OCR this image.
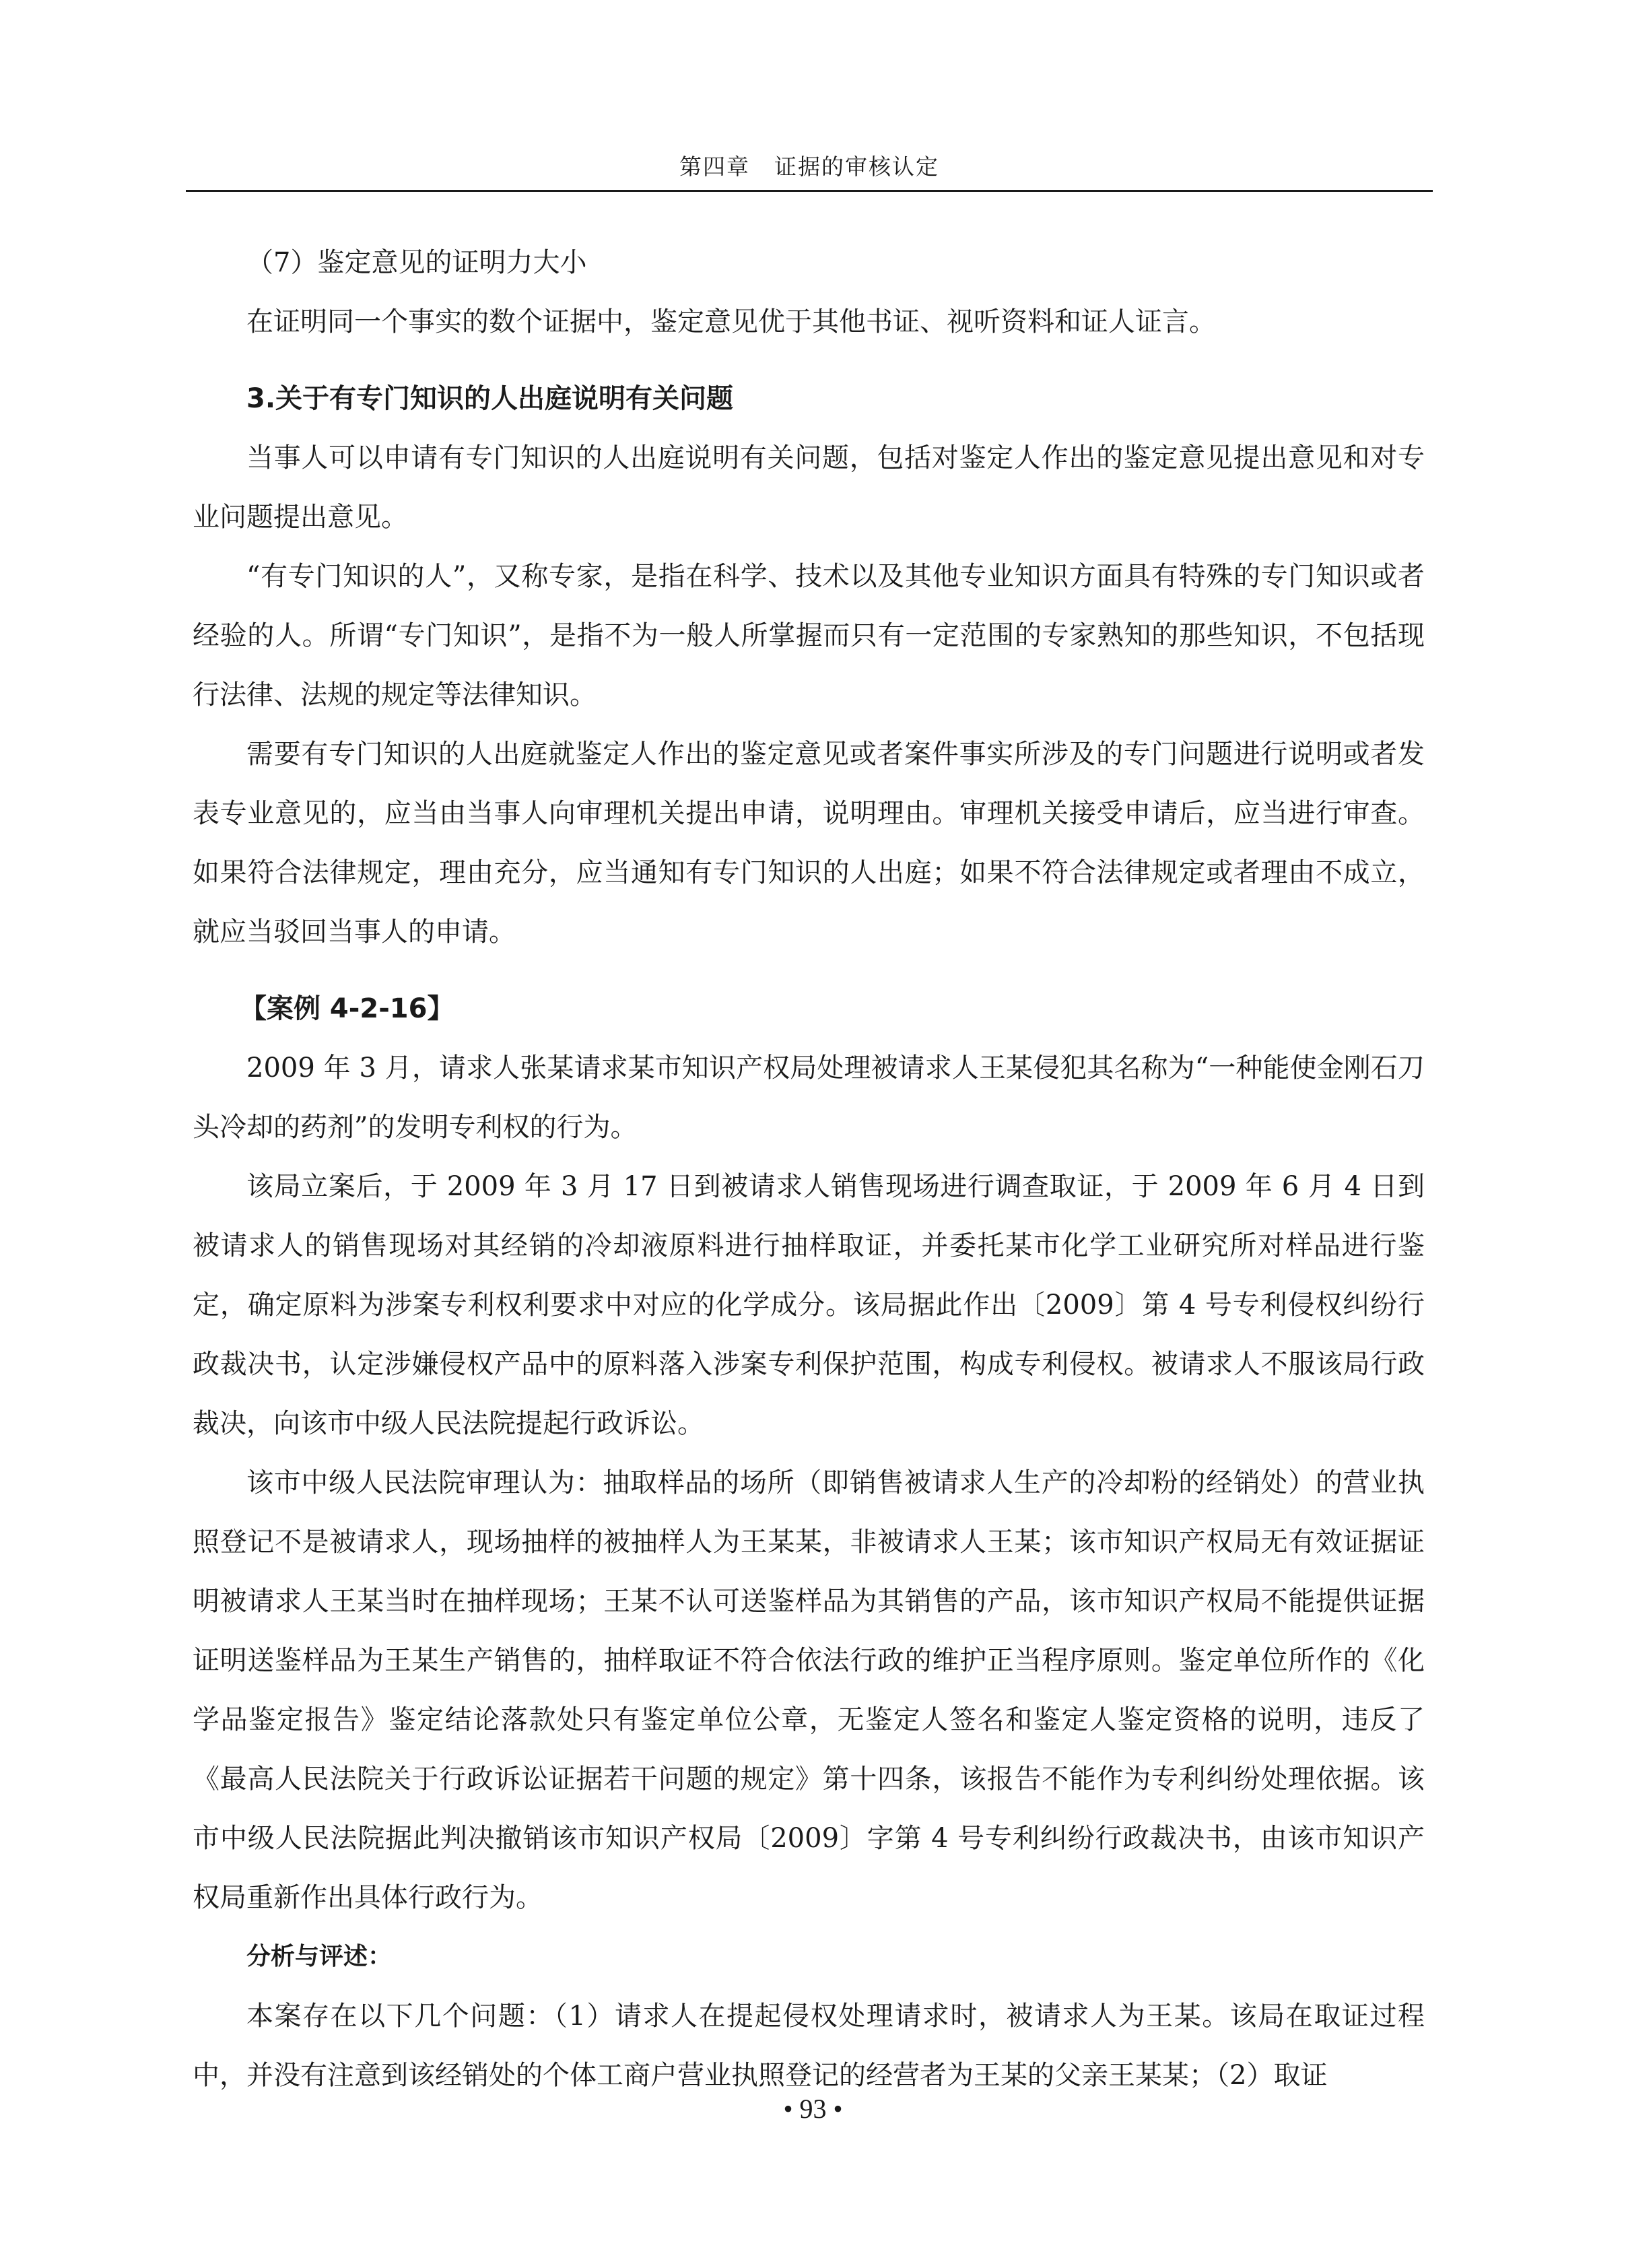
第四章 证据的审核认定

（7）鉴定意见的证明力大小

在证明同一个事实的数个证据中，鉴定意见优于其他书证、视听资料和证人证言。

3.关于有专门知识的人出庭说明有关问题

当事人可以申请有专门知识的人出庭说明有关问题，包括对鉴定人作出的鉴定意见提出意见和对专业问题提出意见。

“有专门知识的人”，又称专家，是指在科学、技术以及其他专业知识方面具有特殊的专门知识或者经验的人。所谓“专门知识”，是指不为一般人所掌握而只有一定范围的专家熟知的那些知识，不包括现行法律、法规的规定等法律知识。

需要有专门知识的人出庭就鉴定人作出的鉴定意见或者案件事实所涉及的专门问题进行说明或者发表专业意见的，应当由当事人向审理机关提出申请，说明理由。审理机关接受申请后，应当进行审查。如果符合法律规定，理由充分，应当通知有专门知识的人出庭；如果不符合法律规定或者理由不成立，就应当驳回当事人的申请。

【案例 4-2-16】

2009 年 3 月，请求人张某请求某市知识产权局处理被请求人王某侵犯其名称为“一种能使金刚石刀头冷却的药剂”的发明专利权的行为。

该局立案后，于 2009 年 3 月 17 日到被请求人销售现场进行调查取证，于 2009 年 6 月 4 日到被请求人的销售现场对其经销的冷却液原料进行抽样取证，并委托某市化学工业研究所对样品进行鉴定，确定原料为涉案专利权利要求中对应的化学成分。该局据此作出〔2009〕第 4 号专利侵权纠纷行政裁决书，认定涉嫌侵权产品中的原料落入涉案专利保护范围，构成专利侵权。被请求人不服该局行政裁决，向该市中级人民法院提起行政诉讼。

该市中级人民法院审理认为：抽取样品的场所（即销售被请求人生产的冷却粉的经销处）的营业执照登记不是被请求人，现场抽样的被抽样人为王某某，非被请求人王某；该市知识产权局无有效证据证明被请求人王某当时在抽样现场；王某不认可送鉴样品为其销售的产品，该市知识产权局不能提供证据证明送鉴样品为王某生产销售的，抽样取证不符合依法行政的维护正当程序原则。鉴定单位所作的《化学品鉴定报告》鉴定结论落款处只有鉴定单位公章，无鉴定人签名和鉴定人鉴定资格的说明，违反了《最高人民法院关于行政诉讼证据若干问题的规定》第十四条，该报告不能作为专利纠纷处理依据。该市中级人民法院据此判决撤销该市知识产权局〔2009〕字第 4 号专利纠纷行政裁决书，由该市知识产权局重新作出具体行政行为。

分析与评述：

本案存在以下几个问题：（1）请求人在提起侵权处理请求时，被请求人为王某。该局在取证过程中，并没有注意到该经销处的个体工商户营业执照登记的经营者为王某的父亲王某某；（2）取证

• 93 •
